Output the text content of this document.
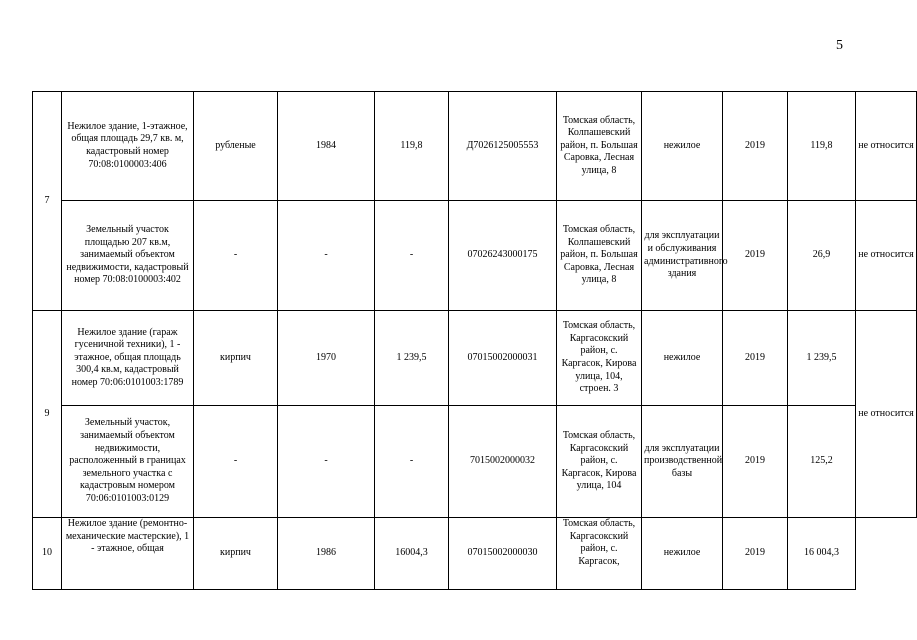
5
7	Нежилое здание, 1-этажное, общая площадь 29,7 кв. м, кадастровый номер 70:08:0100003:406	рубленые	1984	119,8	Д7026125005553	Томская область, Колпашевский район, п. Большая Саровка, Лесная улица, 8	нежилое	2019	119,8	не относится
	Земельный участок площадью 207 кв.м, занимаемый объектом недвижимости, кадастровый номер 70:08:0100003:402	-	-	-	07026243000175	Томская область, Колпашевский район, п. Большая Саровка, Лесная улица, 8	для эксплуатации и обслуживания административного здания	2019	26,9	не относится
9	Нежилое здание (гараж гусеничной техники), 1 - этажное, общая площадь 300,4 кв.м, кадастровый номер 70:06:0101003:1789	кирпич	1970	1 239,5	07015002000031	Томская область, Каргасокский район, с. Каргасок, Кирова улица, 104, строен. 3	нежилое	2019	1 239,5	не относится
	Земельный участок, занимаемый объектом недвижимости, расположенный в границах земельного участка с кадастровым номером 70:06:0101003:0129	-	-	-	7015002000032	Томская область, Каргасокский район, с. Каргасок, Кирова улица, 104	для эксплуатации производственной базы	2019	125,2	
10	Нежилое здание (ремонтно-механические мастерские), 1 - этажное, общая	кирпич	1986	16004,3	07015002000030	Томская область, Каргасокский район, с. Каргасок,	нежилое	2019	16 004,3	
